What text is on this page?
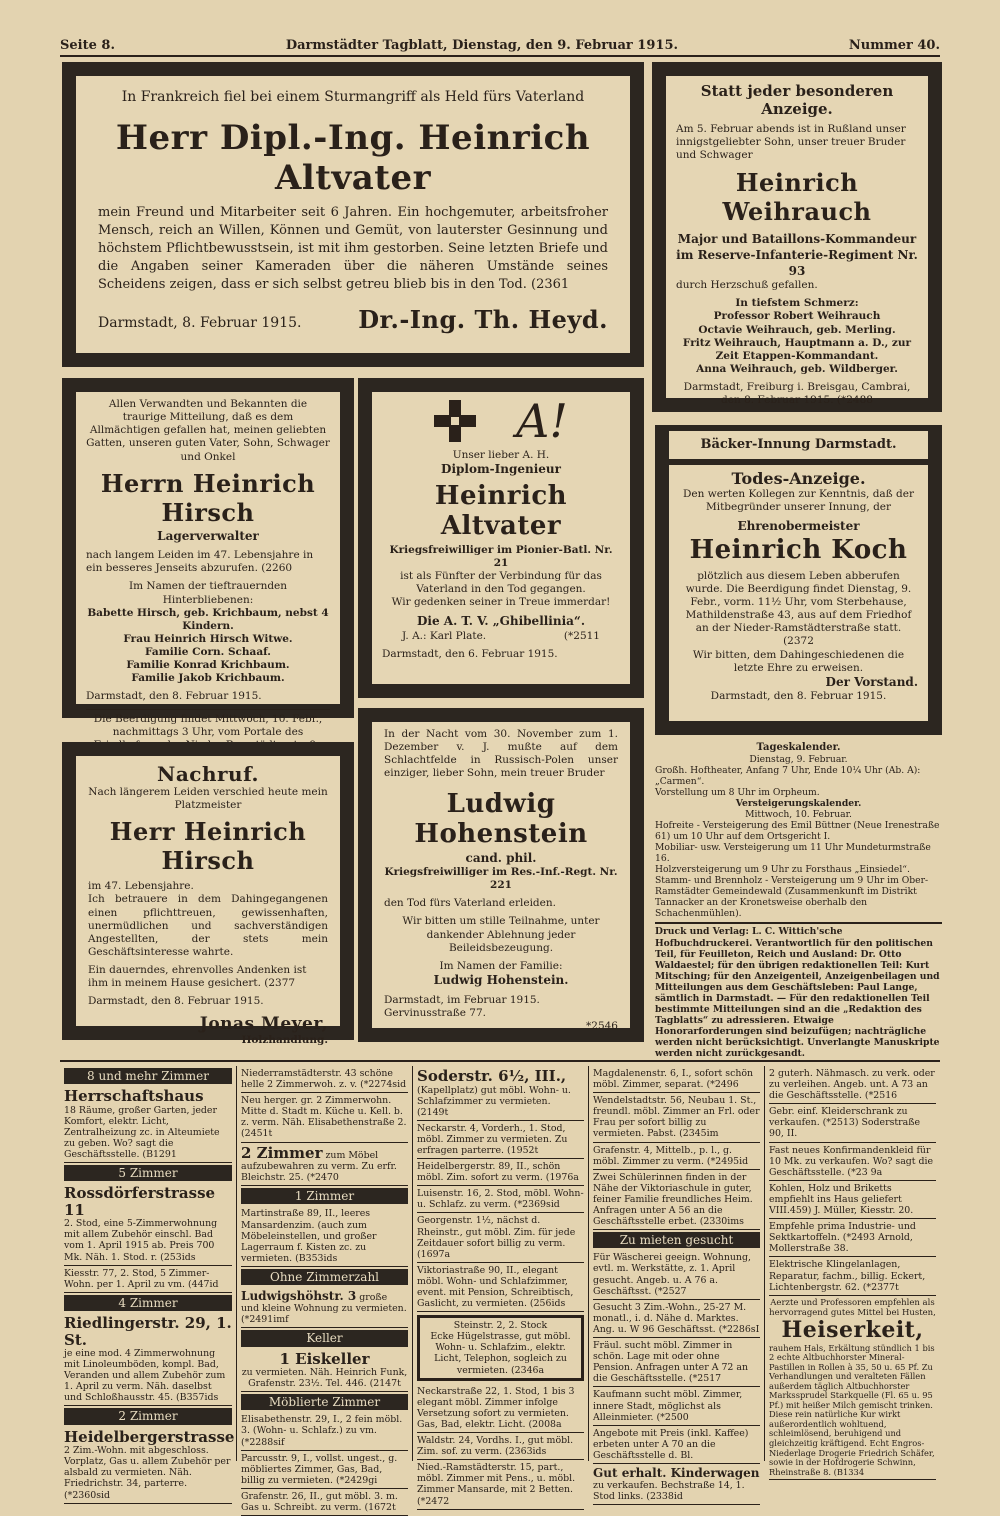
Seite 8.	Darmstädter Tagblatt, Dienstag, den 9. Februar 1915.	Nummer 40.
In Frankreich fiel bei einem Sturmangriff als Held fürs Vaterland
Herr Dipl.-Ing. Heinrich Altvater
mein Freund und Mitarbeiter seit 6 Jahren. Ein hochgemuter, arbeitsfroher Mensch, reich an Willen, Können und Gemüt, von lauterster Gesinnung und höchstem Pflichtbewusstsein, ist mit ihm gestorben. Seine letzten Briefe und die Angaben seiner Kameraden über die näheren Umstände seines Scheidens zeigen, dass er sich selbst getreu blieb bis in den Tod. (2361
Darmstadt, 8. Februar 1915. Dr.-Ing. Th. Heyd.
Statt jeder besonderen Anzeige.
Am 5. Februar abends ist in Rußland unser innigstgeliebter Sohn, unser treuer Bruder und Schwager
Heinrich Weihrauch
Major und Bataillons-Kommandeur
im Reserve-Infanterie-Regiment Nr. 93
durch Herzschuß gefallen.
In tiefstem Schmerz:
Professor Robert Weihrauch
Octavie Weihrauch, geb. Merling.
Fritz Weihrauch, Hauptmann a. D., zur Zeit Etappen-Kommandant.
Anna Weihrauch, geb. Wildberger.
Darmstadt, Freiburg i. Breisgau, Cambrai, den 8. Februar 1915. (*2488
Allen Verwandten und Bekannten die traurige Mitteilung, daß es dem Allmächtigen gefallen hat, meinen geliebten Gatten, unseren guten Vater, Sohn, Schwager und Onkel
Herrn Heinrich Hirsch
Lagerverwalter
nach langem Leiden im 47. Lebensjahre in ein besseres Jenseits abzurufen. (2260
Im Namen der tieftrauernden Hinterbliebenen:
Babette Hirsch, geb. Krichbaum, nebst 4 Kindern.
Frau Heinrich Hirsch Witwe.
Familie Corn. Schaaf.
Familie Konrad Krichbaum.
Familie Jakob Krichbaum.
Darmstadt, den 8. Februar 1915.
Die Beerdigung findet Mittwoch, 10. Febr., nachmittags 3 Uhr, vom Portale des
A!
Unser lieber A. H.
Diplom-Ingenieur
Heinrich Altvater
Kriegsfreiwilliger im Pionier-Batl. Nr. 21
ist als Fünfter der Verbindung für das Vaterland in den Tod gegangen.
Wir gedenken seiner in Treue immerdar!
Die A. T. V. „Ghibellinia“.
J. A.: Karl Plate.	(*2511
Darmstadt, den 6. Februar 1915.
Bäcker-Innung Darmstadt.
Todes-Anzeige.
Den werten Kollegen zur Kenntnis, daß der Mitbegründer unserer Innung, der
Ehrenobermeister
Heinrich Koch
plötzlich aus diesem Leben abberufen wurde. Die Beerdigung findet Dienstag, 9. Febr., vorm. 11½ Uhr, vom Sterbehause, Mathildenstraße 43, aus auf dem Friedhof an der Nieder-Ramstädterstraße statt. (2372
Wir bitten, dem Dahingeschiedenen die letzte Ehre zu erweisen.
Der Vorstand.
Darmstadt, den 8. Februar 1915.
Nachruf.
Nach längerem Leiden verschied heute mein Platzmeister
Herr Heinrich Hirsch
im 47. Lebensjahre.
Ich betrauere in dem Dahingegangenen einen pflichttreuen, gewissenhaften, unermüdlichen und sachverständigen Angestellten, der stets mein Geschäftsinteresse wahrte.
Ein dauerndes, ehrenvolles Andenken ist ihm in meinem Hause gesichert. (2377
Darmstadt, den 8. Februar 1915.
Jonas Meyer,
Holzhandlung.
In der Nacht vom 30. November zum 1. Dezember v. J. mußte auf dem Schlachtfelde in Russisch-Polen unser einziger, lieber Sohn, mein treuer Bruder
Ludwig Hohenstein
cand. phil.
Kriegsfreiwilliger im Res.-Inf.-Regt. Nr. 221
den Tod fürs Vaterland erleiden.
Wir bitten um stille Teilnahme, unter dankender Ablehnung jeder Beileidsbezeugung.
Im Namen der Familie:
Ludwig Hohenstein.
Darmstadt, im Februar 1915.
Gervinusstraße 77.
*2546
Tageskalender.
Dienstag, 9. Februar.
Großh. Hoftheater, Anfang 7 Uhr, Ende 10¼ Uhr (Ab. A): „Carmen“.
Vorstellung um 8 Uhr im Orpheum.
Versteigerungskalender.
Mittwoch, 10. Februar.
Hofreite - Versteigerung des Emil Büttner (Neue Irenestraße 61) um 10 Uhr auf dem Ortsgericht I.
Mobiliar- usw. Versteigerung um 11 Uhr Mundeturmstraße 16.
Holzversteigerung um 9 Uhr zu Forsthaus „Einsiedel“.
Stamm- und Brennholz - Versteigerung um 9 Uhr im Ober-Ramstädter Gemeindewald (Zusammenkunft im Distrikt Tannacker an der Kronetsweise oberhalb den Schachenmühlen).
Druck und Verlag: L. C. Wittich'sche Hofbuchdruckerei. Verantwortlich für den politischen Teil, für Feuilleton, Reich und Ausland: Dr. Otto Waldaestel; für den übrigen redaktionellen Teil: Kurt Mitsching; für den Anzeigenteil, Anzeigenbeilagen und Mitteilungen aus dem Geschäftsleben: Paul Lange, sämtlich in Darmstadt. — Für den redaktionellen Teil bestimmte Mitteilungen sind an die „Redaktion des Tagblatts“ zu adressieren. Etwaige Honorarforderungen sind beizufügen; nachträgliche werden nicht berücksichtigt. Unverlangte Manuskripte werden nicht zurückgesandt.
8 und mehr Zimmer
Herrschaftshaus
18 Räume, großer Garten, jeder Komfort, elektr. Licht, Zentralheizung zc. in Alteumiete zu geben. Wo? sagt die Geschäftsstelle. (B1291
5 Zimmer
Rossdörferstrasse 11
2. Stod, eine 5-Zimmerwohnung mit allem Zubehör einschl. Bad vom 1. April 1915 ab. Preis 700 Mk. Näh. 1. Stod. r. (253ids
Kiesstr. 77, 2. Stod, 5 Zimmer-Wohn. per 1. April zu vm. (447id
4 Zimmer
Riedlingerstr. 29, 1. St.
je eine mod. 4 Zimmerwohnung mit Linoleumböden, kompl. Bad, Veranden und allem Zubehör zum 1. April zu verm. Näh. daselbst und Schloßhausstr. 45. (B357ids
2 Zimmer
Heidelbergerstrasse
2 Zim.-Wohn. mit abgeschloss. Vorplatz, Gas u. allem Zubehör per alsbald zu vermieten. Näh. Friedrichstr. 34, parterre. (*2360sid
Niederramstädterstr. 43 schöne helle 2 Zimmerwoh. z. v. (*2274sid
Neu herger. gr. 2 Zimmerwohn. Mitte d. Stadt m. Küche u. Kell. b. z. verm. Näh. Elisabethenstraße 2. (2451t
2 Zimmer zum Möbel aufzubewahren zu verm. Zu erfr. Bleichstr. 25. (*2470
1 Zimmer
Martinstraße 89, II., leeres Mansardenzim. (auch zum Möbeleinstellen, und großer Lagerraum f. Kisten zc. zu vermieten. (B353ids
Ohne Zimmerzahl
Ludwigshöhstr. 3 große und kleine Wohnung zu vermieten. (*2491imf
Keller
1 Eiskeller
zu vermieten. Näh. Heinrich Funk, Grafenstr. 23½. Tel. 446. (2147t
Möblierte Zimmer
Elisabethenstr. 29, I., 2 fein möbl. 3. (Wohn- u. Schlafz.) zu vm. (*2288sif
Parcusstr. 9, I., vollst. ungest., g. möbliertes Zimmer, Gas, Bad, billig zu vermieten. (*2429gi
Grafenstr. 26, II., gut möbl. 3. m. Gas u. Schreibt. zu verm. (1672t
Soderstr. 6½, III.,
(Kapellplatz) gut möbl. Wohn- u. Schlafzimmer zu vermieten. (2149t
Neckarstr. 4, Vorderh., 1. Stod, möbl. Zimmer zu vermieten. Zu erfragen parterre. (1952t
Heidelbergerstr. 89, II., schön möbl. Zim. sofort zu verm. (1976a
Luisenstr. 16, 2. Stod, möbl. Wohn- u. Schlafz. zu verm. (*2369sid
Georgenstr. 1½, nächst d. Rheinstr., gut möbl. Zim. für jede Zeitdauer sofort billig zu verm. (1697a
Viktoriastraße 90, II., elegant möbl. Wohn- und Schlafzimmer, event. mit Pension, Schreibtisch, Gaslicht, zu vermieten. (256ids
Steinstr. 2, 2. Stock
Ecke Hügelstrasse, gut möbl. Wohn- u. Schlafzim., elektr. Licht, Telephon, sogleich zu vermieten. (2346a
Neckarstraße 22, 1. Stod, 1 bis 3 elegant möbl. Zimmer infolge Versetzung sofort zu vermieten. Gas, Bad, elektr. Licht. (2008a
Waldstr. 24, Vordhs. I., gut möbl. Zim. sof. zu verm. (2363ids
Nied.-Ramstädterstr. 15, part., möbl. Zimmer mit Pens., u. möbl. Zimmer Mansarde, mit 2 Betten. (*2472
Magdalenenstr. 6, I., sofort schön möbl. Zimmer, separat. (*2496
Wendelstadtstr. 56, Neubau 1. St., freundl. möbl. Zimmer an Frl. oder Frau per sofort billig zu vermieten. Pabst. (2345im
Grafenstr. 4, Mittelb., p. l., g. möbl. Zimmer zu verm. (*2495id
Zwei Schülerinnen finden in der Nähe der Viktoriaschule in guter, feiner Familie freundliches Heim. Anfragen unter A 56 an die Geschäftsstelle erbet. (2330ims
Zu mieten gesucht
Für Wäscherei geeign. Wohnung, evtl. m. Werkstätte, z. 1. April gesucht. Angeb. u. A 76 a. Geschäftsst. (*2527
Gesucht 3 Zim.-Wohn., 25-27 M. monatl., i. d. Nähe d. Marktes. Ang. u. W 96 Geschäftsst. (*2286sI
Fräul. sucht möbl. Zimmer in schön. Lage mit oder ohne Pension. Anfragen unter A 72 an die Geschäftsstelle. (*2517
Kaufmann sucht möbl. Zimmer, innere Stadt, möglichst als Alleinmieter. (*2500
Angebote mit Preis (inkl. Kaffee) erbeten unter A 70 an die Geschäftsstelle d. Bl.
Gut erhalt. Kinderwagen
zu verkaufen. Bechstraße 14, 1. Stod links. (2338id
2 guterh. Nähmasch. zu verk. oder zu verleihen. Angeb. unt. A 73 an die Geschäftsstelle. (*2516
Gebr. einf. Kleiderschrank zu verkaufen. (*2513) Soderstraße 90, II.
Fast neues Konfirmandenkleid für 10 Mk. zu verkaufen. Wo? sagt die Geschäftsstelle. (*23 9a
Kohlen, Holz und Briketts empfiehlt ins Haus geliefert VIII.459) J. Müller, Kiesstr. 20.
Empfehle prima Industrie- und Sektkartoffeln. (*2493 Arnold, Mollerstraße 38.
Elektrische Klingelanlagen, Reparatur, fachm., billig. Eckert, Lichtenbergstr. 62. (*2377t
Aerzte und Professoren empfehlen als hervorragend gutes Mittel bei Husten,
Heiserkeit,
rauhem Hals, Erkältung stündlich 1 bis 2 echte Altbuchhorster Mineral-Pastillen in Rollen à 35, 50 u. 65 Pf. Zu Verhandlungen und veralteten Fällen außerdem täglich Altbuchhorster Markssprudel Starkquelle (Fl. 65 u. 95 Pf.) mit heißer Milch gemischt trinken. Diese rein natürliche Kur wirkt außerordentlich wohltuend, schleimlösend, beruhigend und gleichzeitig kräftigend. Echt Engros-Niederlage Drogerie Friedrich Schäfer, sowie in der Hofdrogerie Schwinn, Rheinstraße 8. (B1334
